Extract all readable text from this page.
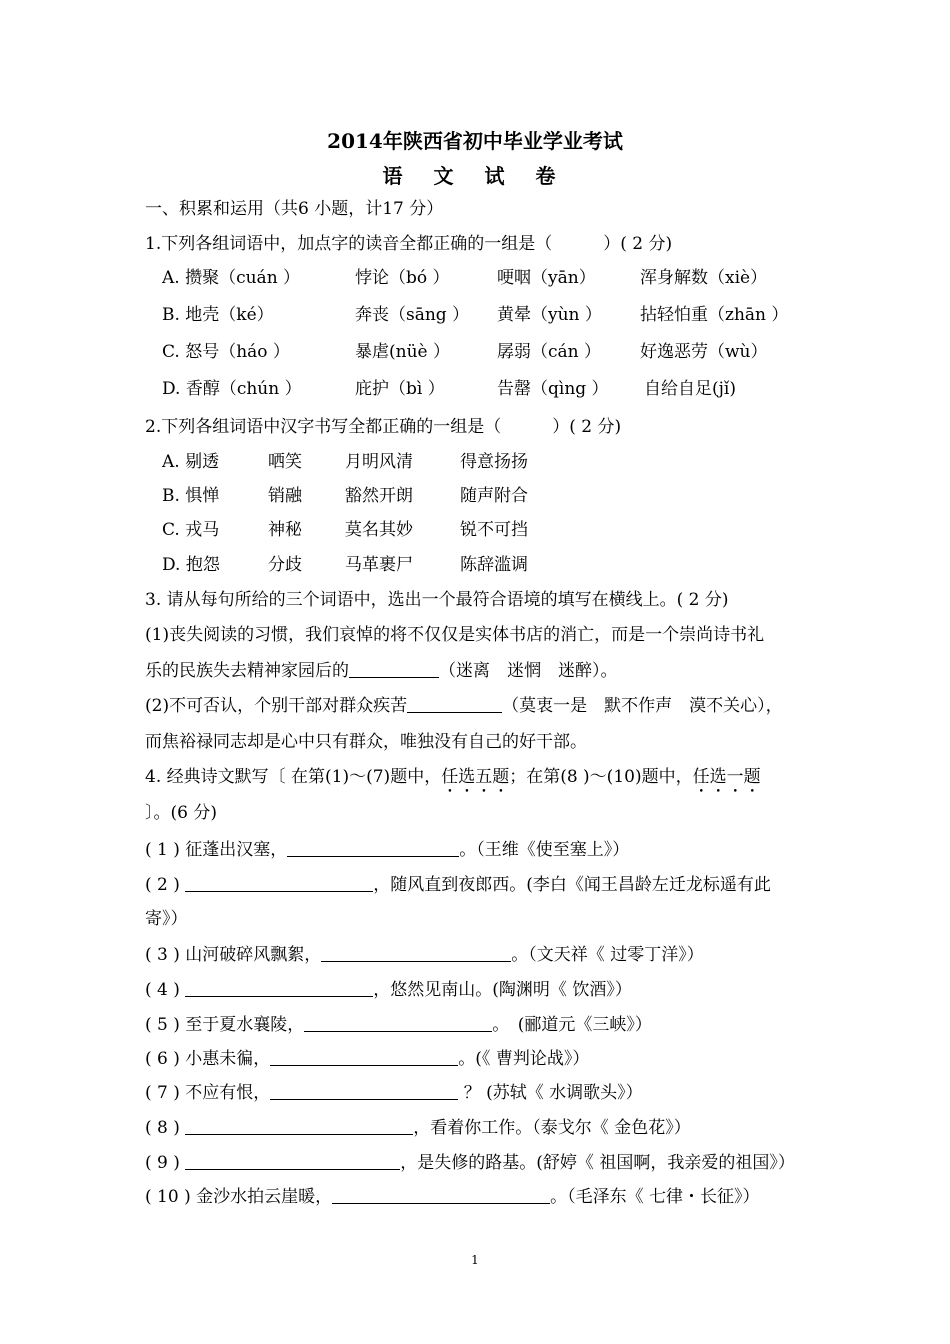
2014年陕西省初中毕业学业考试
语 文 试 卷
一、积累和运用（共6 小题，计17 分）
1.下列各组词语中，加点字的读音全都正确的一组是（　　　）( 2 分)
A. 攒聚（cuán ）	悖论（bó ）	哽咽（yān）	浑身解数（xiè）
B. 地壳（ké）	奔丧（sāng ） 黄晕（yùn ） 拈轻怕重（zhān ）
C. 怒号（háo ）	暴虐(nüè ）	孱弱（cán ） 好逸恶劳（wù）
D. 香醇（chún ）	庇护（bì ）	告罄（qìng ） 自给自足(jǐ)
2.下列各组词语中汉字书写全都正确的一组是（　　　）( 2 分)
A. 剔透	哂笑	月明风清	得意扬扬
B. 惧惮	销融	豁然开朗	随声附合
C. 戎马	神秘	莫名其妙	锐不可挡
D. 抱怨	分歧	马革裹尸	陈辞滥调
3. 请从每句所给的三个词语中，选出一个最符合语境的填写在横线上。( 2 分)
(1)丧失阅读的习惯，我们哀悼的将不仅仅是实体书店的消亡，而是一个崇尚诗书礼
乐的民族失去精神家园后的	（迷离　迷惘　迷醉）。
(2)不可否认，个别干部对群众疾苦	（莫衷一是　默不作声　漠不关心），
而焦裕禄同志却是心中只有群众，唯独没有自己的好干部。
4. 经典诗文默写〔 在第(1)～(7)题中，任选五题；在第(8 )～(10)题中，任选一题
〕。(6 分)
( 1 ) 征蓬出汉塞，	。（王维《使至塞上》）
( 2 )	，随风直到夜郎西。(李白《闻王昌龄左迁龙标遥有此
寄》）
( 3 ) 山河破碎风飘絮，	。（文天祥《 过零丁洋》）
( 4 )	，悠然见南山。(陶渊明《 饮酒》）
( 5 ) 至于夏水襄陵，	。　(郦道元《三峡》）
( 6 ) 小惠未徧，	。(《 曹判论战》）
( 7 ) 不应有恨，	？ (苏轼《 水调歌头》）
( 8 )	，看着你工作。（泰戈尔《 金色花》）
( 9 )	，是失修的路基。(舒婷《 祖国啊，我亲爱的祖国》）
( 10 ) 金沙水拍云崖暖，	。（毛泽东《 七律・长征》）
1
